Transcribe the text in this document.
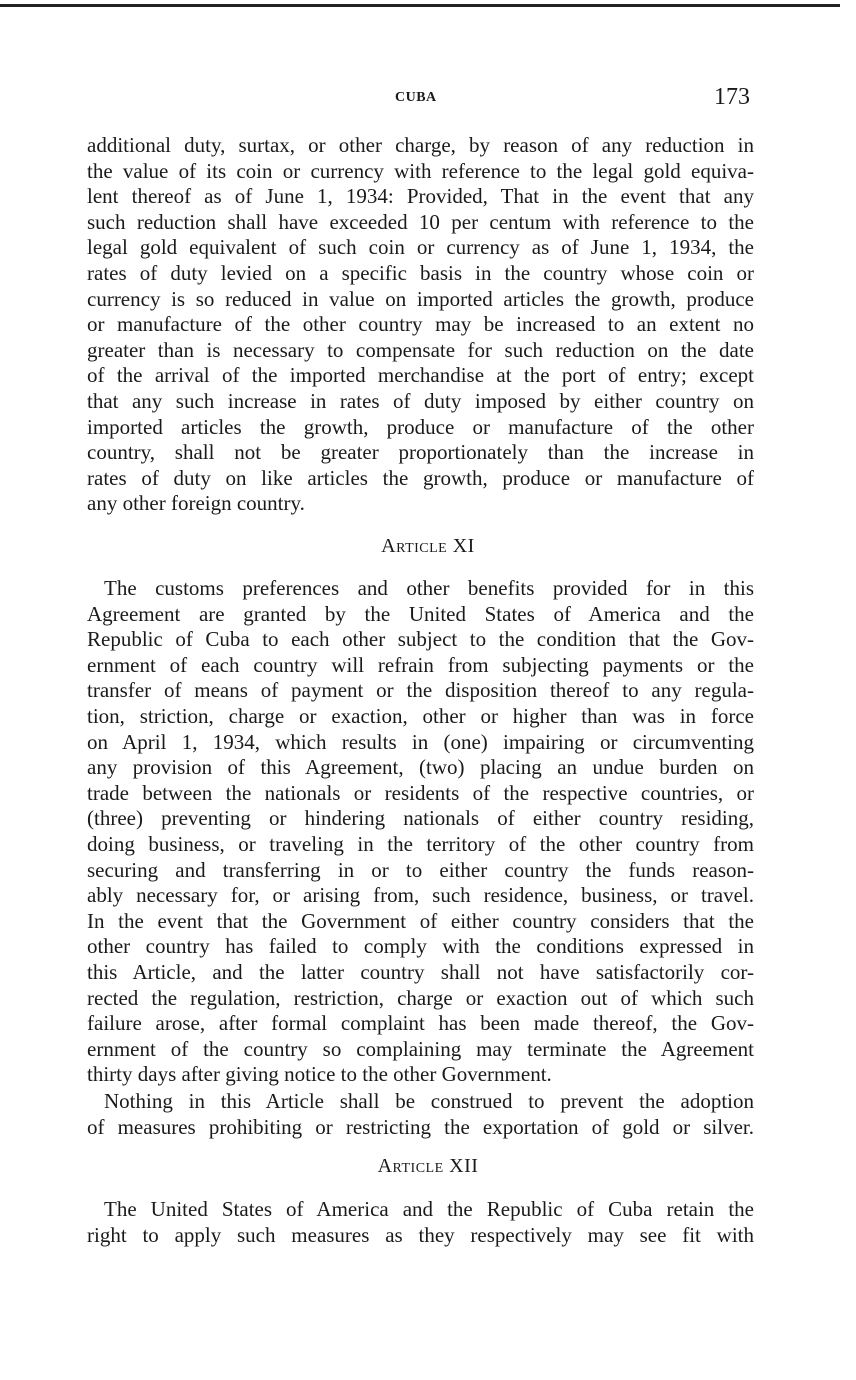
CUBA	173
additional duty, surtax, or other charge, by reason of any reduction in
the value of its coin or currency with reference to the legal gold equiva-
lent thereof as of June 1, 1934: Provided, That in the event that any
such reduction shall have exceeded 10 per centum with reference to the
legal gold equivalent of such coin or currency as of June 1, 1934, the
rates of duty levied on a specific basis in the country whose coin or
currency is so reduced in value on imported articles the growth, produce
or manufacture of the other country may be increased to an extent no
greater than is necessary to compensate for such reduction on the date
of the arrival of the imported merchandise at the port of entry; except
that any such increase in rates of duty imposed by either country on
imported articles the growth, produce or manufacture of the other
country, shall not be greater proportionately than the increase in
rates of duty on like articles the growth, produce or manufacture of
any other foreign country.
Article XI
The customs preferences and other benefits provided for in this
Agreement are granted by the United States of America and the
Republic of Cuba to each other subject to the condition that the Gov-
ernment of each country will refrain from subjecting payments or the
transfer of means of payment or the disposition thereof to any regula-
tion, striction, charge or exaction, other or higher than was in force
on April 1, 1934, which results in (one) impairing or circumventing
any provision of this Agreement, (two) placing an undue burden on
trade between the nationals or residents of the respective countries, or
(three) preventing or hindering nationals of either country residing,
doing business, or traveling in the territory of the other country from
securing and transferring in or to either country the funds reason-
ably necessary for, or arising from, such residence, business, or travel.
In the event that the Government of either country considers that the
other country has failed to comply with the conditions expressed in
this Article, and the latter country shall not have satisfactorily cor-
rected the regulation, restriction, charge or exaction out of which such
failure arose, after formal complaint has been made thereof, the Gov-
ernment of the country so complaining may terminate the Agreement
thirty days after giving notice to the other Government.
Nothing in this Article shall be construed to prevent the adoption
of measures prohibiting or restricting the exportation of gold or silver.
Article XII
The United States of America and the Republic of Cuba retain the
right to apply such measures as they respectively may see fit with
